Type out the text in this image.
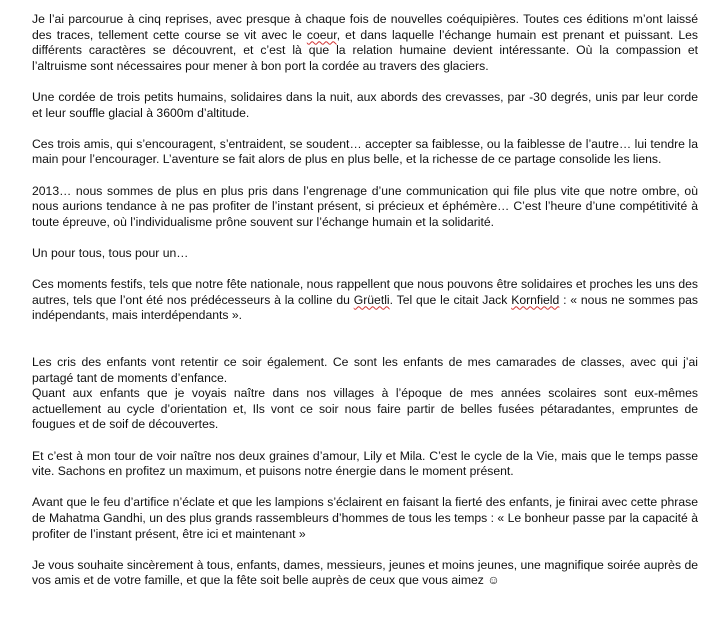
Je l’ai parcourue à cinq reprises, avec presque à chaque fois de nouvelles coéquipières. Toutes ces éditions m’ont laissé des traces, tellement cette course se vit avec le coeur, et dans laquelle l’échange humain est prenant et puissant. Les différents caractères se découvrent, et c’est là que la relation humaine devient intéressante. Où la compassion et l’altruisme sont nécessaires pour mener à bon port la cordée au travers des glaciers.

Une cordée de trois petits humains, solidaires dans la nuit, aux abords des crevasses, par -30 degrés, unis par leur corde et leur souffle glacial à 3600m d’altitude.

Ces trois amis, qui s’encouragent, s’entraident, se soudent… accepter sa faiblesse, ou la faiblesse de l’autre… lui tendre la main pour l’encourager. L’aventure se fait alors de plus en plus belle, et la richesse de ce partage consolide les liens.

2013… nous sommes de plus en plus pris dans l’engrenage d’une communication qui file plus vite que notre ombre, où nous aurions tendance à ne pas profiter de l’instant présent, si précieux et éphémère… C’est l’heure d’une compétitivité à toute épreuve, où l’individualisme prône souvent sur l’échange humain et la solidarité.

Un pour tous, tous pour un…

Ces moments festifs, tels que notre fête nationale, nous rappellent que nous pouvons être solidaires et proches les uns des autres, tels que l’ont été nos prédécesseurs à la colline du Grüetli. Tel que le citait Jack Kornfield : « nous ne sommes pas indépendants, mais interdépendants ».

Les cris des enfants vont retentir ce soir également. Ce sont les enfants de mes camarades de classes, avec qui j’ai partagé tant de moments d’enfance.

Quant aux enfants que je voyais naître dans nos villages à l’époque de mes années scolaires sont eux-mêmes actuellement au cycle d’orientation et, Ils vont ce soir nous faire partir de belles fusées pétaradantes, empruntes de fougues et de soif de découvertes.

Et c’est à mon tour de voir naître nos deux graines d’amour, Lily et Mila. C’est le cycle de la Vie, mais que le temps passe vite. Sachons en profitez un maximum, et puisons notre énergie dans le moment présent.

Avant que le feu d’artifice n’éclate et que les lampions s’éclairent en faisant la fierté des enfants, je finirai avec cette phrase de Mahatma Gandhi, un des plus grands rassembleurs d’hommes de tous les temps : « Le bonheur passe par la capacité à profiter de l’instant présent, être ici et maintenant »

Je vous souhaite sincèrement à tous, enfants, dames, messieurs, jeunes et moins jeunes, une magnifique soirée auprès de vos amis et de votre famille, et que la fête soit belle auprès de ceux que vous aimez ☺
